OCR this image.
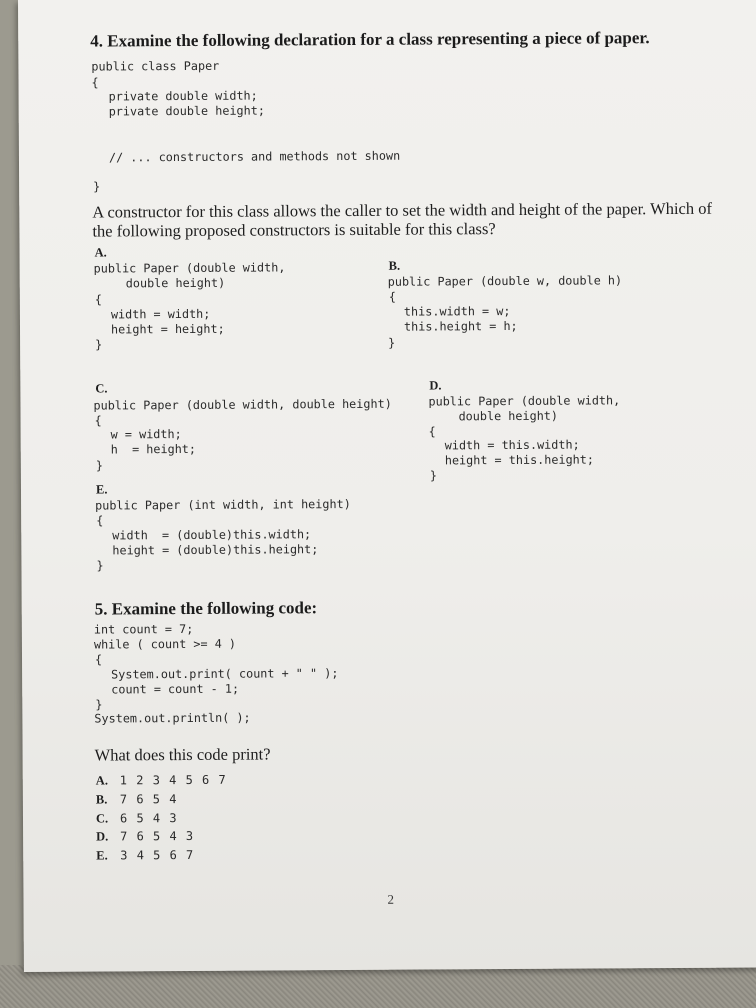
4. Examine the following declaration for a class representing a piece of paper.
public class Paper
{
private double width;
private double height;
// ... constructors and methods not shown
}
A constructor for this class allows the caller to set the width and height of the paper. Which of
the following proposed constructors is suitable for this class?
A.
public Paper (double width,
double height)
{
width = width;
height = height;
}
B.
public Paper (double w, double h)
{
this.width = w;
this.height = h;
}
C.
public Paper (double width, double height)
{
w = width;
h  = height;
}
D.
public Paper (double width,
double height)
{
width = this.width;
height = this.height;
}
E.
public Paper (int width, int height)
{
width  = (double)this.width;
height = (double)this.height;
}
5. Examine the following code:
int count = 7;
while ( count >= 4 )
{
System.out.print( count + " " );
count = count - 1;
}
System.out.println( );
What does this code print?
A. 1 2 3 4 5 6 7
B. 7 6 5 4
C. 6 5 4 3
D. 7 6 5 4 3
E. 3 4 5 6 7
2
